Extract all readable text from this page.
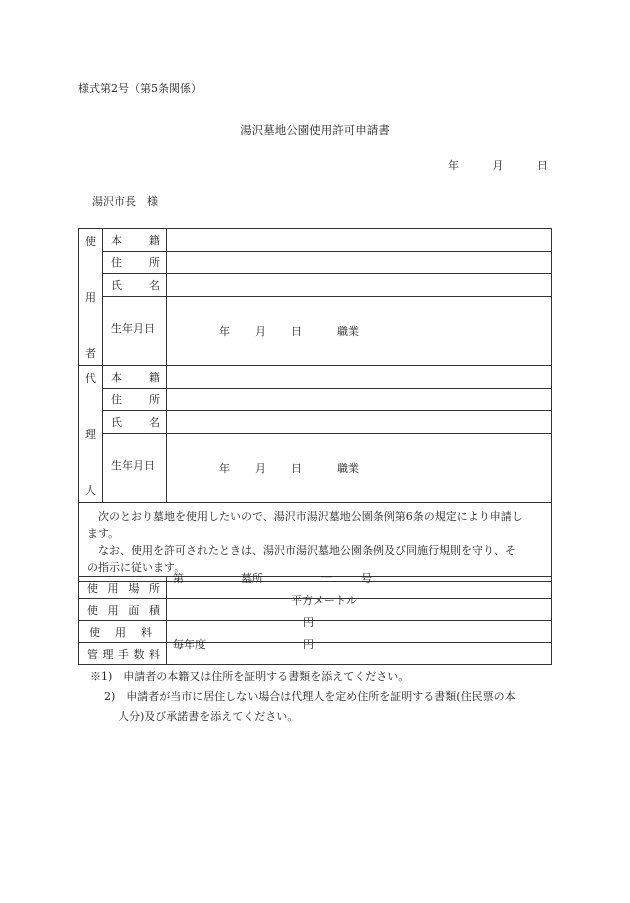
様式第2号（第5条関係）
湯沢墓地公園使用許可申請書
年	月	日
湯沢市長　様
使
用
者	本 籍	

	住 所	

	氏 名	

	生年月日	年 月 日 職業

代
理
人	本 籍	

	住 所	

	氏 名	

	生年月日	年 月 日 職業

次のとおり墓地を使用したいので、湯沢市湯沢墓地公園条例第6条の規定により申請し

ます。

なお、使用を許可されたときは、湯沢市湯沢墓地公園条例及び同施行規則を守り、そ

の指示に従います。		

使 用 場 所	第 墓所 ― 号

使 用 面 積	平方メートル

使 用 料	円

管 理 手 数 料	毎年度 円
※1)　申請者の本籍又は住所を証明する書類を添えてください。
2)　申請者が当市に居住しない場合は代理人を定め住所を証明する書類(住民票の本
人分)及び承諾書を添えてください。
